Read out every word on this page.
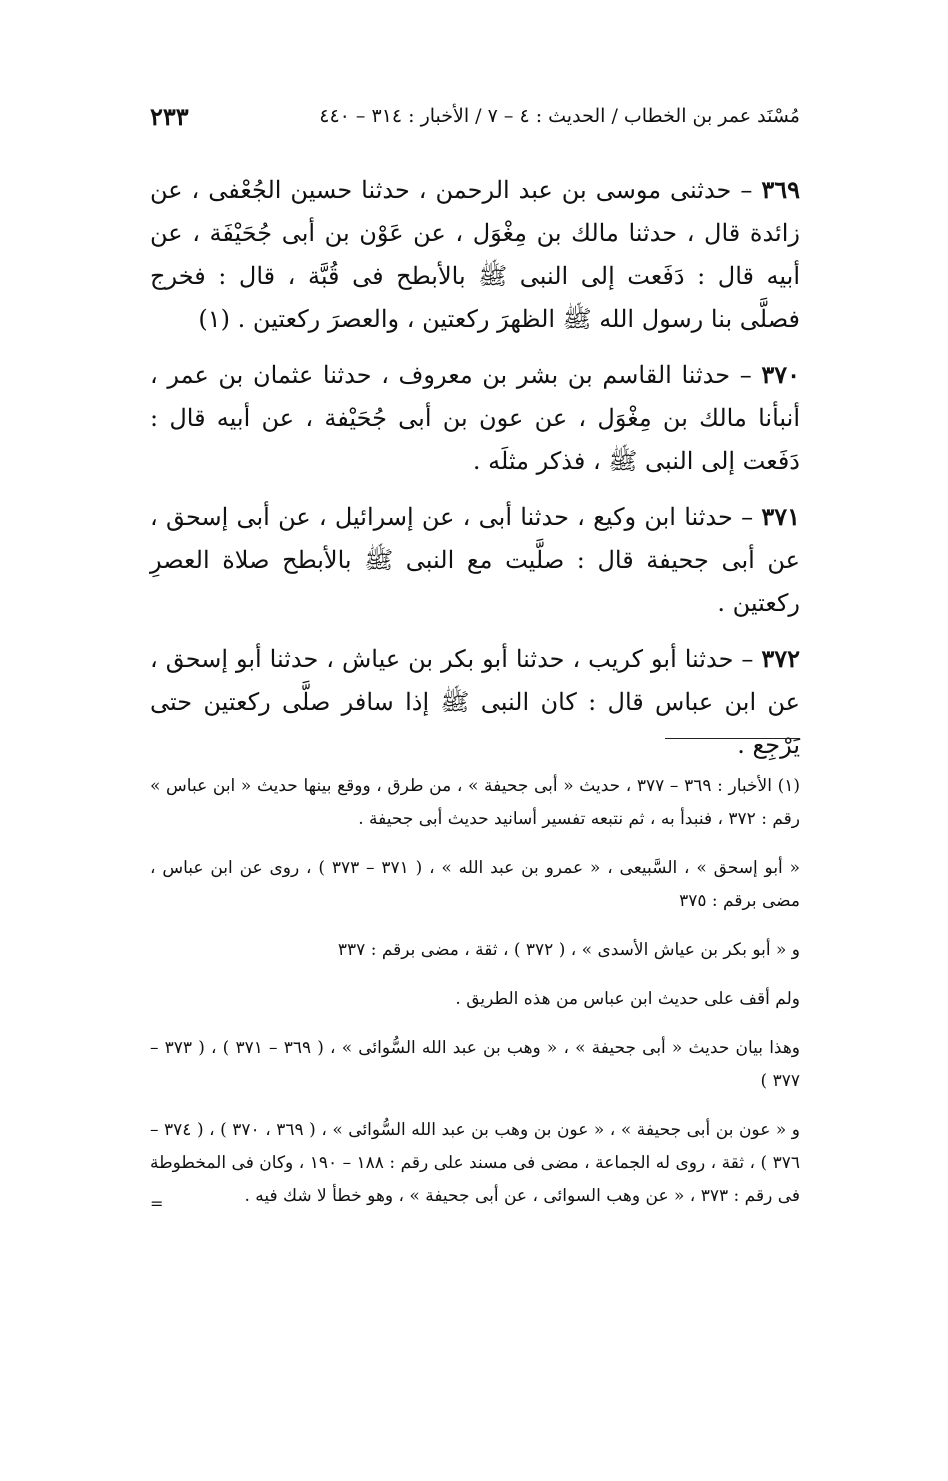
مُسْنَد عمر بن الخطاب / الحديث : ٤ – ٧ / الأخبار : ٣١٤ – ٤٤٠
٢٣٣

٣٦٩ – حدثنى موسى بن عبد الرحمن ، حدثنا حسين الجُعْفى ، عن زائدة قال ، حدثنا مالك بن مِغْوَل ، عن عَوْن بن أبى جُحَيْفَة ، عن أبيه قال : دَفَعت إلى النبى ﷺ بالأبطح فى قُبَّة ، قال : فخرج فصلَّى بنا رسول الله ﷺ الظهرَ ركعتين ، والعصرَ ركعتين . (١)

٣٧٠ – حدثنا القاسم بن بشر بن معروف ، حدثنا عثمان بن عمر ، أنبأنا مالك بن مِغْوَل ، عن عون بن أبى جُحَيْفة ، عن أبيه قال : دَفَعت إلى النبى ﷺ ، فذكر مثلَه .

٣٧١ – حدثنا ابن وكيع ، حدثنا أبى ، عن إسرائيل ، عن أبى إسحق ، عن أبى جحيفة قال : صلَّيت مع النبى ﷺ بالأبطح صلاة العصرِ ركعتين .

٣٧٢ – حدثنا أبو كريب ، حدثنا أبو بكر بن عياش ، حدثنا أبو إسحق ، عن ابن عباس قال : كان النبى ﷺ إذا سافر صلَّى ركعتين حتى يَرْجِع .

(١) الأخبار : ٣٦٩ – ٣٧٧ ، حديث « أبى جحيفة » ، من طرق ، ووقع بينها حديث « ابن عباس » رقم : ٣٧٢ ، فنبدأ به ، ثم نتبعه تفسير أسانيد حديث أبى جحيفة .

« أبو إسحق » ، السَّبيعى ، « عمرو بن عبد الله » ، ( ٣٧١ – ٣٧٣ ) ، روى عن ابن عباس ، مضى برقم : ٣٧٥

و « أبو بكر بن عياش الأسدى » ، ( ٣٧٢ ) ، ثقة ، مضى برقم : ٣٣٧

ولم أقف على حديث ابن عباس من هذه الطريق .

وهذا بيان حديث « أبى جحيفة » ، « وهب بن عبد الله السُّوائى » ، ( ٣٦٩ – ٣٧١ ) ، ( ٣٧٣ – ٣٧٧ )

و « عون بن أبى جحيفة » ، « عون بن وهب بن عبد الله السُّوائى » ، ( ٣٦٩ ، ٣٧٠ ) ، ( ٣٧٤ – ٣٧٦ ) ، ثقة ، روى له الجماعة ، مضى فى مسند على رقم : ١٨٨ – ١٩٠ ، وكان فى المخطوطة فى رقم : ٣٧٣ ، « عن وهب السوائى ، عن أبى جحيفة » ، وهو خطأ لا شك فيه .

=
